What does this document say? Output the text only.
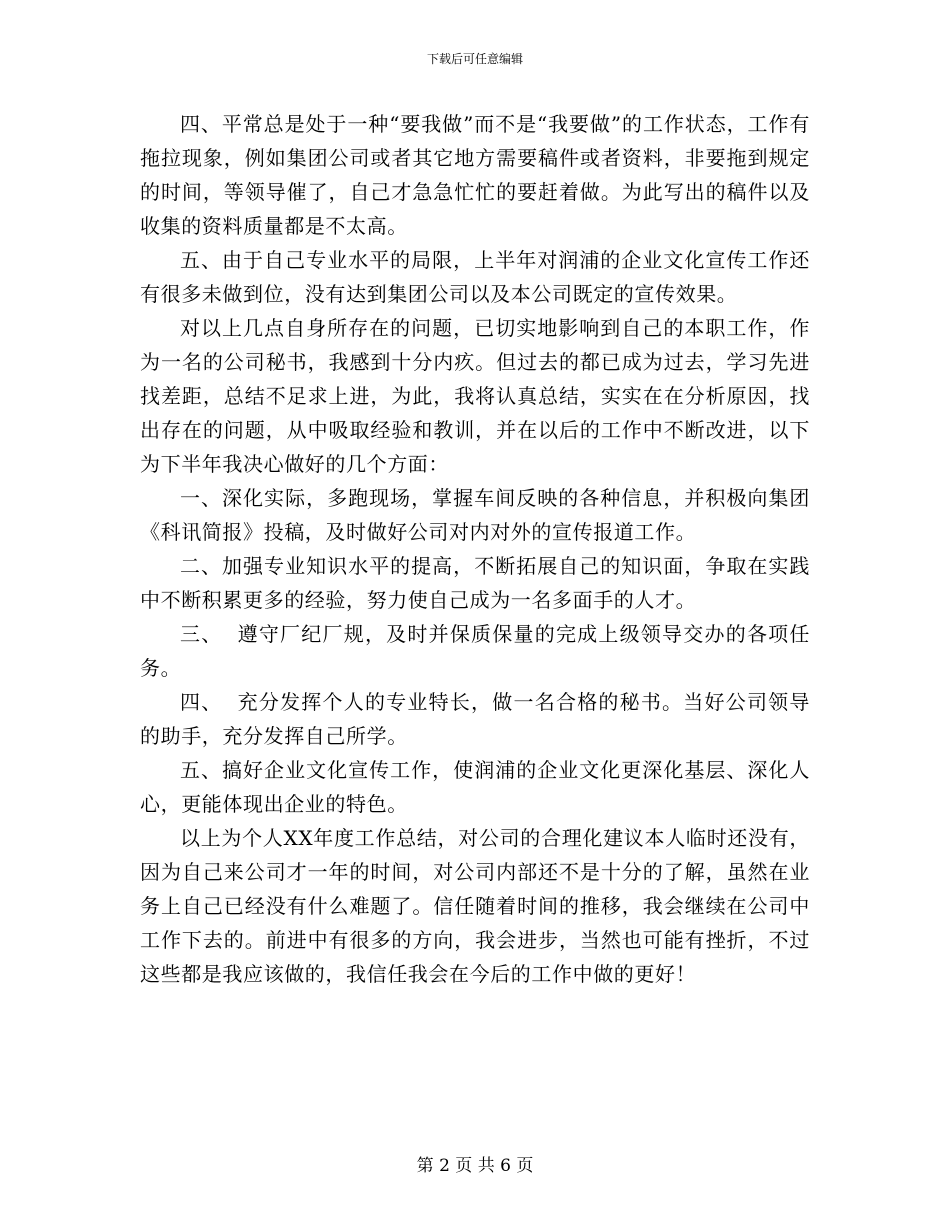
下载后可任意编辑

四、平常总是处于一种“要我做”而不是“我要做”的工作状态，工作有拖拉现象，例如集团公司或者其它地方需要稿件或者资料，非要拖到规定的时间，等领导催了，自己才急急忙忙的要赶着做。为此写出的稿件以及收集的资料质量都是不太高。

五、由于自己专业水平的局限，上半年对润浦的企业文化宣传工作还有很多未做到位，没有达到集团公司以及本公司既定的宣传效果。

对以上几点自身所存在的问题，已切实地影响到自己的本职工作，作为一名的公司秘书，我感到十分内疚。但过去的都已成为过去，学习先进找差距，总结不足求上进，为此，我将认真总结，实实在在分析原因，找出存在的问题，从中吸取经验和教训，并在以后的工作中不断改进，以下为下半年我决心做好的几个方面：

一、深化实际，多跑现场，掌握车间反映的各种信息，并积极向集团《科讯简报》投稿，及时做好公司对内对外的宣传报道工作。

二、加强专业知识水平的提高，不断拓展自己的知识面，争取在实践中不断积累更多的经验，努力使自己成为一名多面手的人才。

三、  遵守厂纪厂规，及时并保质保量的完成上级领导交办的各项任务。

四、  充分发挥个人的专业特长，做一名合格的秘书。当好公司领导的助手，充分发挥自己所学。

五、搞好企业文化宣传工作，使润浦的企业文化更深化基层、深化人心，更能体现出企业的特色。

以上为个人XX年度工作总结，对公司的合理化建议本人临时还没有，因为自己来公司才一年的时间，对公司内部还不是十分的了解，虽然在业务上自己已经没有什么难题了。信任随着时间的推移，我会继续在公司中工作下去的。前进中有很多的方向，我会进步，当然也可能有挫折，不过这些都是我应该做的，我信任我会在今后的工作中做的更好！

第 2 页 共 6 页
